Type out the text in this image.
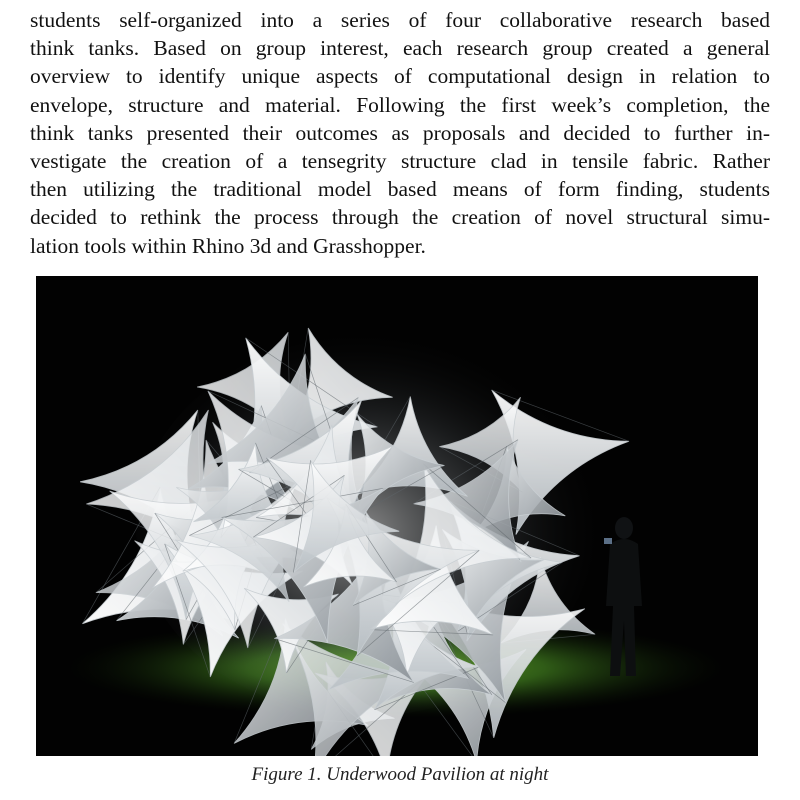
students self-organized into a series of four collaborative research based
think tanks. Based on group interest, each research group created a general
overview to identify unique aspects of computational design in relation to
envelope, structure and material. Following the first week’s completion, the
think tanks presented their outcomes as proposals and decided to further in-
vestigate the creation of a tensegrity structure clad in tensile fabric. Rather
then utilizing the traditional model based means of form finding, students
decided to rethink the process through the creation of novel structural simu-
lation tools within Rhino 3d and Grasshopper.
Figure 1. Underwood Pavilion at night
